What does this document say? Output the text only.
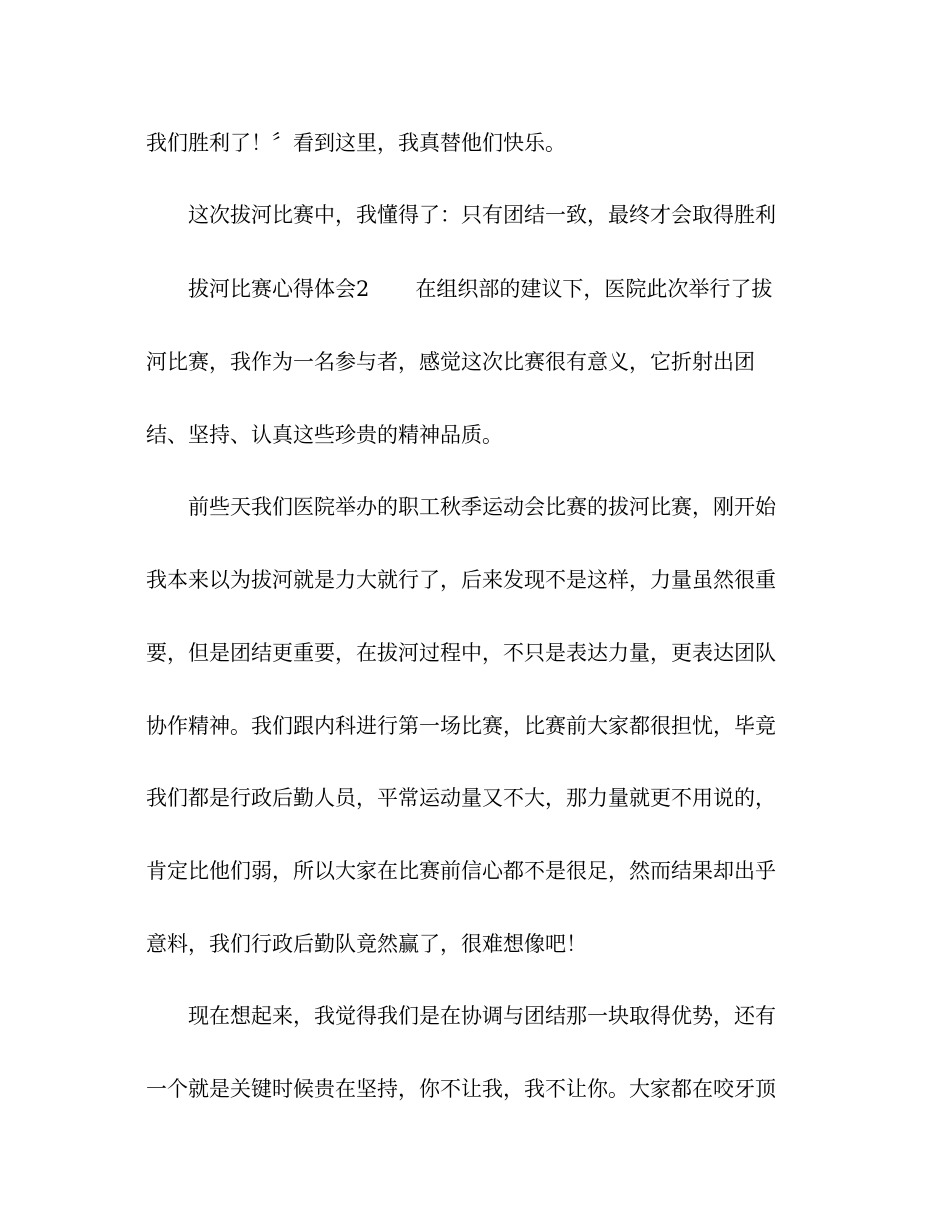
我们胜利了！〞看到这里，我真替他们快乐。
这次拔河比赛中，我懂得了：只有团结一致，最终才会取得胜利
拔河比赛心得体会2 在组织部的建议下，医院此次举行了拔
河比赛，我作为一名参与者，感觉这次比赛很有意义，它折射出团
结、坚持、认真这些珍贵的精神品质。
前些天我们医院举办的职工秋季运动会比赛的拔河比赛，刚开始
我本来以为拔河就是力大就行了，后来发现不是这样，力量虽然很重
要，但是团结更重要，在拔河过程中，不只是表达力量，更表达团队
协作精神。我们跟内科进行第一场比赛，比赛前大家都很担忧，毕竟
我们都是行政后勤人员，平常运动量又不大，那力量就更不用说的，
肯定比他们弱，所以大家在比赛前信心都不是很足，然而结果却出乎
意料，我们行政后勤队竟然赢了，很难想像吧！
现在想起来，我觉得我们是在协调与团结那一块取得优势，还有
一个就是关键时候贵在坚持，你不让我，我不让你。大家都在咬牙顶
